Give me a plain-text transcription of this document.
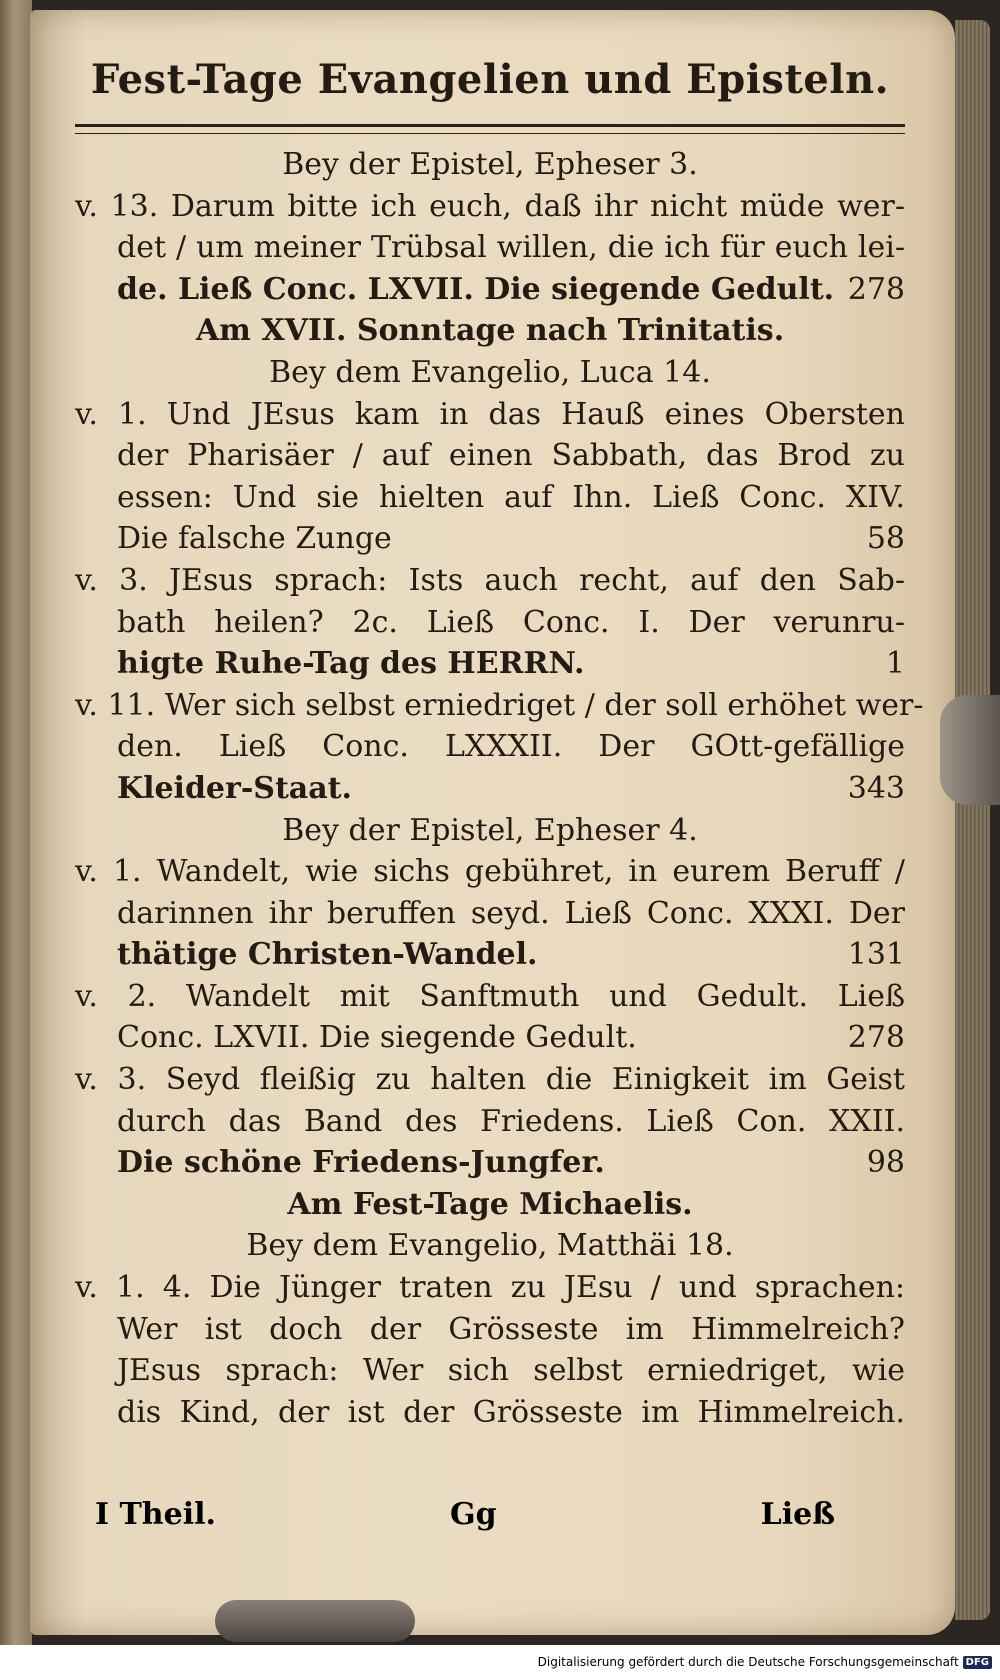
Fest-Tage Evangelien und Episteln.
Bey der Epistel, Epheser 3.
v. 13. Darum bitte ich euch, daß ihr nicht müde wer-
det / um meiner Trübsal willen, die ich für euch lei-
de. Ließ Conc. LXVII. Die siegende Gedult. 278
Am XVII. Sonntage nach Trinitatis.
Bey dem Evangelio, Luca 14.
v. 1. Und JEsus kam in das Hauß eines Obersten
der Pharisäer / auf einen Sabbath, das Brod zu
essen: Und sie hielten auf Ihn. Ließ Conc. XIV.
Die falsche Zunge	58
v. 3. JEsus sprach: Ists auch recht, auf den Sab-
bath heilen? 2c. Ließ Conc. I. Der verunru-
higte Ruhe-Tag des HERRN.	1
v. 11. Wer sich selbst erniedriget / der soll erhöhet wer-
den. Ließ Conc. LXXXII. Der GOtt-gefällige
Kleider-Staat.	343
Bey der Epistel, Epheser 4.
v. 1. Wandelt, wie sichs gebühret, in eurem Beruff /
darinnen ihr beruffen seyd. Ließ Conc. XXXI. Der
thätige Christen-Wandel.	131
v. 2. Wandelt mit Sanftmuth und Gedult. Ließ
Conc. LXVII. Die siegende Gedult.	278
v. 3. Seyd fleißig zu halten die Einigkeit im Geist
durch das Band des Friedens. Ließ Con. XXII.
Die schöne Friedens-Jungfer.	98
Am Fest-Tage Michaelis.
Bey dem Evangelio, Matthäi 18.
v. 1. 4. Die Jünger traten zu JEsu / und sprachen:
Wer ist doch der Grösseste im Himmelreich?
JEsus sprach: Wer sich selbst erniedriget, wie
dis Kind, der ist der Grösseste im Himmelreich.
I Theil.	Gg	Ließ
Digitalisierung gefördert durch die Deutsche Forschungsgemeinschaft DFG
